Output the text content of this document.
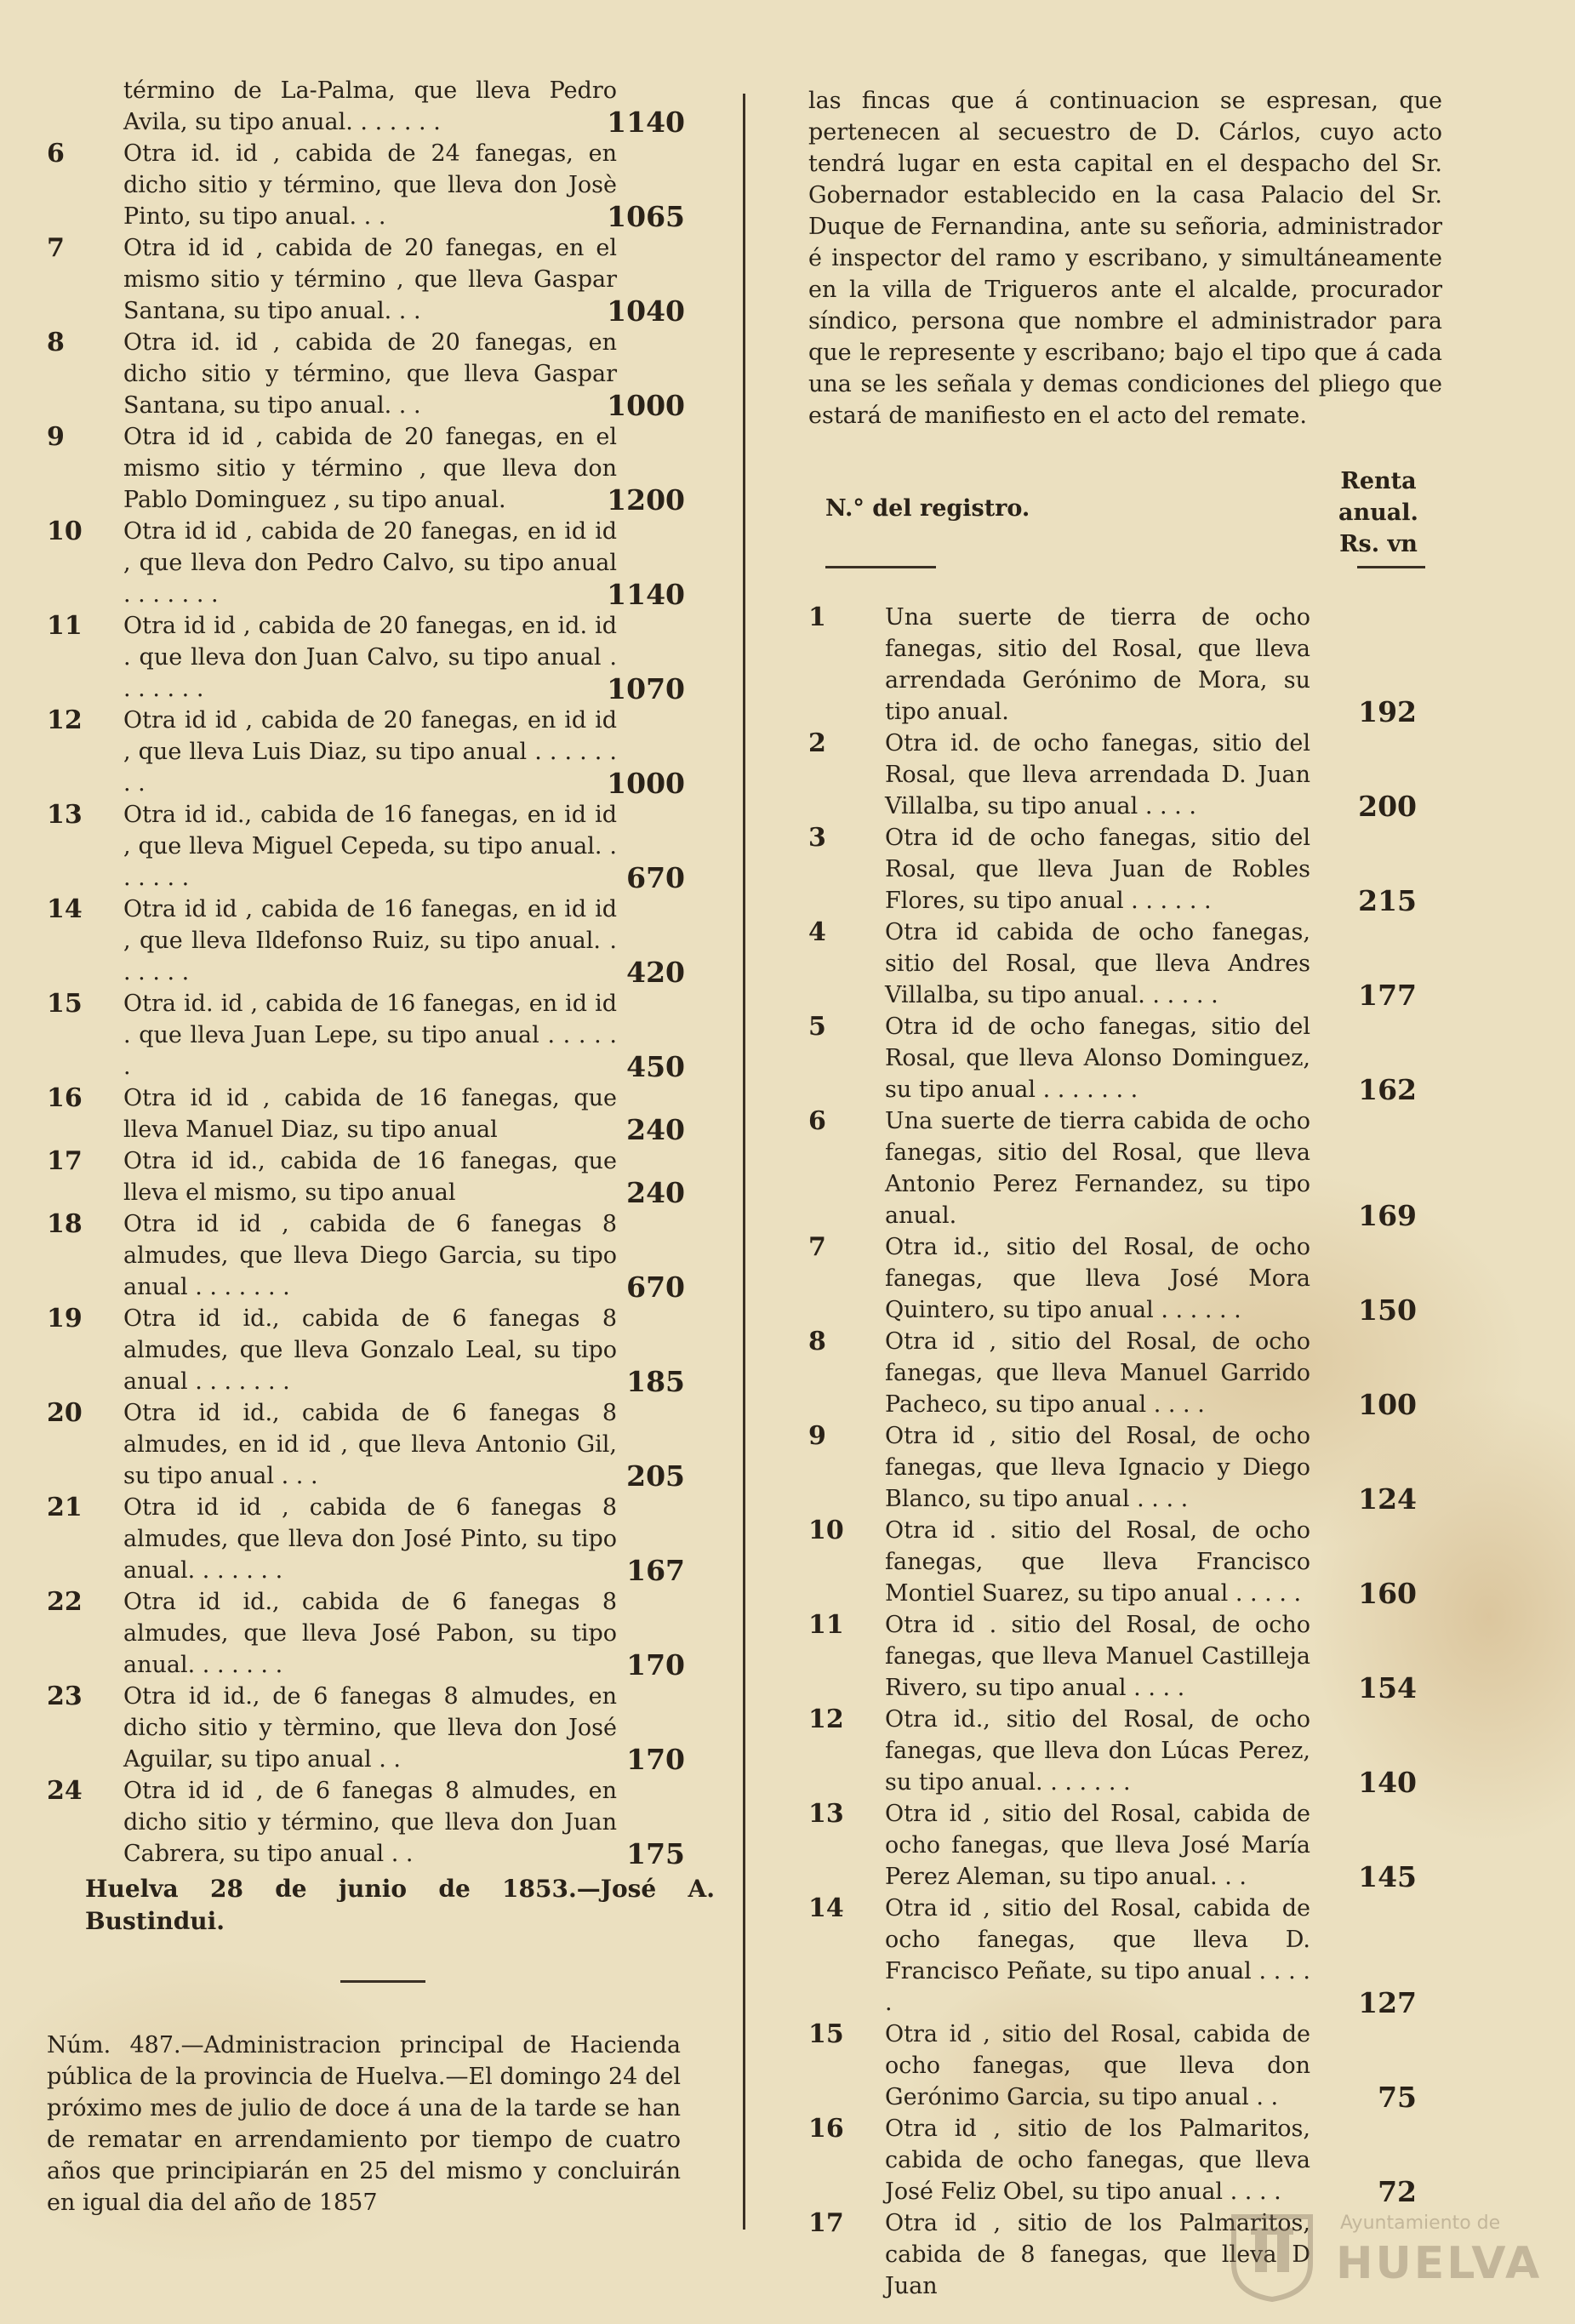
término de La-Palma, que lleva Pedro Avila, su tipo anual. . . . . . .	1140
6	Otra id. id , cabida de 24 fanegas, en dicho sitio y término, que lleva don Josè Pinto, su tipo anual. . .	1065
7	Otra id id , cabida de 20 fanegas, en el mismo sitio y término , que lleva Gaspar Santana, su tipo anual. . .	1040
8	Otra id. id , cabida de 20 fanegas, en dicho sitio y término, que lleva Gaspar Santana, su tipo anual. . .	1000
9	Otra id id , cabida de 20 fanegas, en el mismo sitio y término , que lleva don Pablo Dominguez , su tipo anual.	1200
10	Otra id id , cabida de 20 fanegas, en id id , que lleva don Pedro Calvo, su tipo anual . . . . . . .	1140
11	Otra id id , cabida de 20 fanegas, en id. id . que lleva don Juan Calvo, su tipo anual . . . . . . .	1070
12	Otra id id , cabida de 20 fanegas, en id id , que lleva Luis Diaz, su tipo anual . . . . . . . .	1000
13	Otra id id., cabida de 16 fanegas, en id id , que lleva Miguel Cepeda, su tipo anual. . . . . . .	670
14	Otra id id , cabida de 16 fanegas, en id id , que lleva Ildefonso Ruiz, su tipo anual. . . . . . .	420
15	Otra id. id , cabida de 16 fanegas, en id id . que lleva Juan Lepe, su tipo anual . . . . . .	450
16	Otra id id , cabida de 16 fanegas, que lleva Manuel Diaz, su tipo anual	240
17	Otra id id., cabida de 16 fanegas, que lleva el mismo, su tipo anual	240
18	Otra id id , cabida de 6 fanegas 8 almudes, que lleva Diego Garcia, su tipo anual . . . . . . .	670
19	Otra id id., cabida de 6 fanegas 8 almudes, que lleva Gonzalo Leal, su tipo anual . . . . . . .	185
20	Otra id id., cabida de 6 fanegas 8 almudes, en id id , que lleva Antonio Gil, su tipo anual . . .	205
21	Otra id id , cabida de 6 fanegas 8 almudes, que lleva don José Pinto, su tipo anual. . . . . . .	167
22	Otra id id., cabida de 6 fanegas 8 almudes, que lleva José Pabon, su tipo anual. . . . . . .	170
23	Otra id id., de 6 fanegas 8 almudes, en dicho sitio y tèrmino, que lleva don José Aguilar, su tipo anual . .	170
24	Otra id id , de 6 fanegas 8 almudes, en dicho sitio y término, que lleva don Juan Cabrera, su tipo anual . .	175
Huelva 28 de junio de 1853.—José A. Bustindui.
Núm. 487.—Administracion principal de Hacienda pública de la provincia de Huelva.—El domingo 24 del próximo mes de julio de doce á una de la tarde se han de rematar en arrendamiento por tiempo de cuatro años que principiarán en 25 del mismo y concluirán en igual dia del año de 1857
las fincas que á continuacion se espresan, que pertenecen al secuestro de D. Cárlos, cuyo acto tendrá lugar en esta capital en el despacho del Sr. Gobernador establecido en la casa Palacio del Sr. Duque de Fernandina, ante su señoria, administrador é inspector del ramo y escribano, y simultáneamente en la villa de Trigueros ante el alcalde, procurador síndico, persona que nombre el administrador para que le represente y escribano; bajo el tipo que á cada una se les señala y demas condiciones del pliego que estará de manifiesto en el acto del remate.
N.° del registro.
Renta anual. Rs. vn
1	Una suerte de tierra de ocho fanegas, sitio del Rosal, que lleva arrendada Gerónimo de Mora, su tipo anual.	192
2	Otra id. de ocho fanegas, sitio del Rosal, que lleva arrendada D. Juan Villalba, su tipo anual . . . .	200
3	Otra id de ocho fanegas, sitio del Rosal, que lleva Juan de Robles Flores, su tipo anual . . . . . .	215
4	Otra id cabida de ocho fanegas, sitio del Rosal, que lleva Andres Villalba, su tipo anual. . . . . .	177
5	Otra id de ocho fanegas, sitio del Rosal, que lleva Alonso Dominguez, su tipo anual . . . . . . .	162
6	Una suerte de tierra cabida de ocho fanegas, sitio del Rosal, que lleva Antonio Perez Fernandez, su tipo anual.	169
7	Otra id., sitio del Rosal, de ocho fanegas, que lleva José Mora Quintero, su tipo anual . . . . . .	150
8	Otra id , sitio del Rosal, de ocho fanegas, que lleva Manuel Garrido Pacheco, su tipo anual . . . .	100
9	Otra id , sitio del Rosal, de ocho fanegas, que lleva Ignacio y Diego Blanco, su tipo anual . . . .	124
10	Otra id . sitio del Rosal, de ocho fanegas, que lleva Francisco Montiel Suarez, su tipo anual . . . . .	160
11	Otra id . sitio del Rosal, de ocho fanegas, que lleva Manuel Castilleja Rivero, su tipo anual . . . .	154
12	Otra id., sitio del Rosal, de ocho fanegas, que lleva don Lúcas Perez, su tipo anual. . . . . . .	140
13	Otra id , sitio del Rosal, cabida de ocho fanegas, que lleva José María Perez Aleman, su tipo anual. . .	145
14	Otra id , sitio del Rosal, cabida de ocho fanegas, que lleva D. Francisco Peñate, su tipo anual . . . . .	127
15	Otra id , sitio del Rosal, cabida de ocho fanegas, que lleva don Gerónimo Garcia, su tipo anual . .	75
16	Otra id , sitio de los Palmaritos, cabida de ocho fanegas, que lleva José Feliz Obel, su tipo anual . . . .	72
17	Otra id , sitio de los Palmaritos, cabida de 8 fanegas, que lleva D Juan
Ayuntamiento de
HUELVA
